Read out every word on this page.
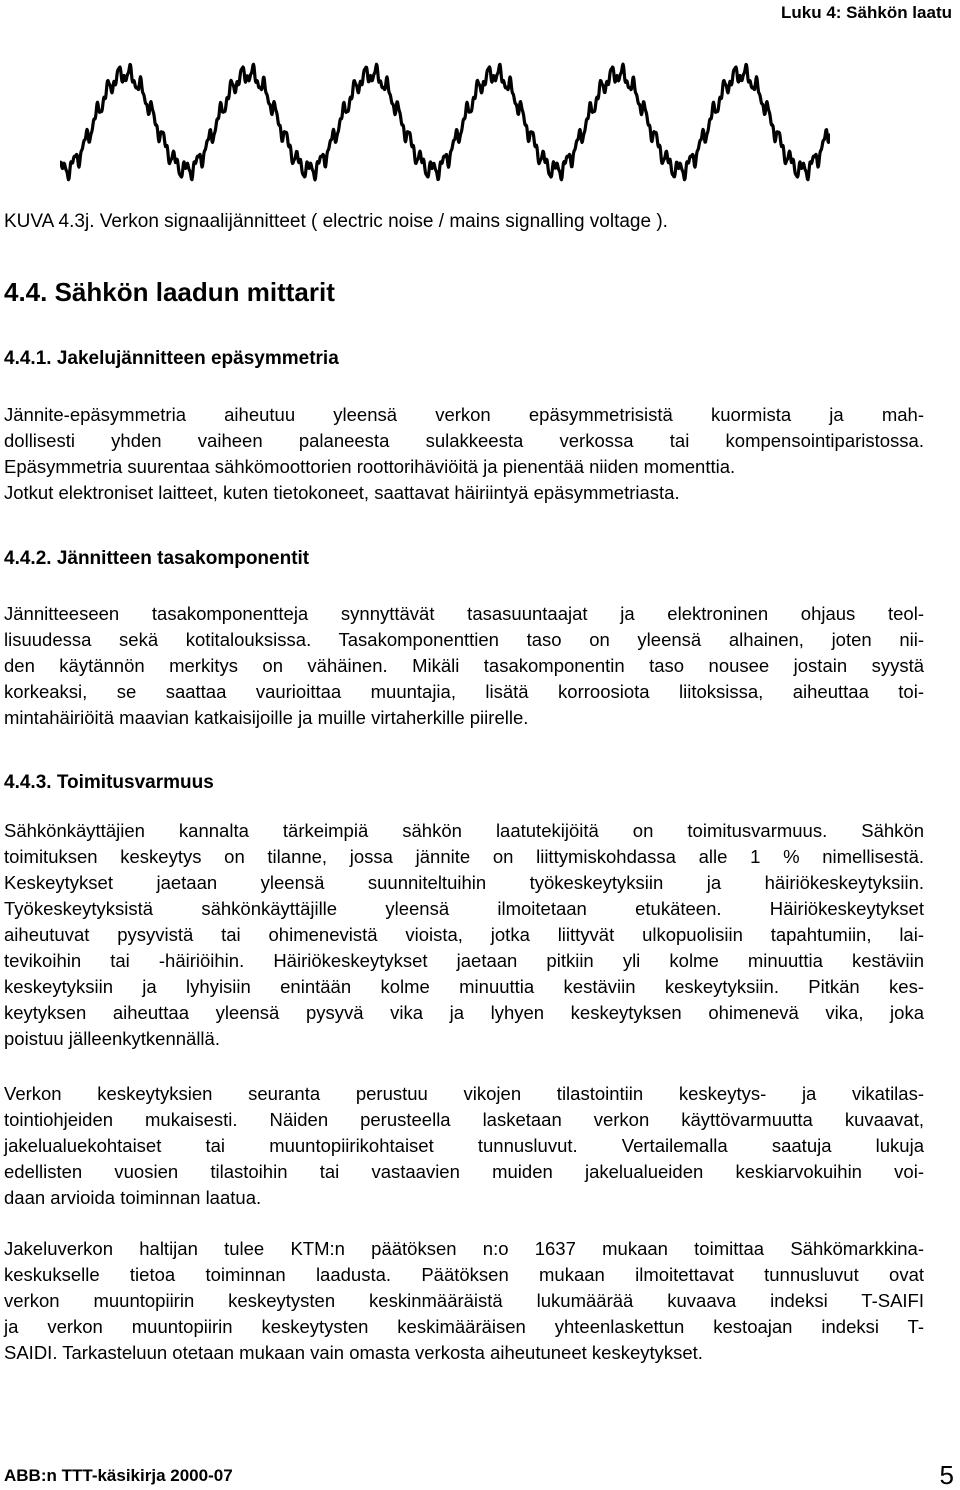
Luku 4: Sähkön laatu
KUVA 4.3j. Verkon signaalijännitteet ( electric noise / mains signalling voltage ).
4.4. Sähkön laadun mittarit
4.4.1. Jakelujännitteen epäsymmetria
Jännite-epäsymmetria aiheutuu yleensä verkon epäsymmetrisistä kuormista ja mah-
dollisesti yhden vaiheen palaneesta sulakkeesta verkossa tai kompensointiparistossa.
Epäsymmetria suurentaa sähkömoottorien roottorihäviöitä ja pienentää niiden momenttia.
Jotkut elektroniset laitteet, kuten tietokoneet, saattavat häiriintyä epäsymmetriasta.
4.4.2. Jännitteen tasakomponentit
Jännitteeseen tasakomponentteja synnyttävät tasasuuntaajat ja elektroninen ohjaus teol-
lisuudessa sekä kotitalouksissa. Tasakomponenttien taso on yleensä alhainen, joten nii-
den käytännön merkitys on vähäinen. Mikäli tasakomponentin taso nousee jostain syystä
korkeaksi, se saattaa vaurioittaa muuntajia, lisätä korroosiota liitoksissa, aiheuttaa toi-
mintahäiriöitä maavian katkaisijoille ja muille virtaherkille piirelle.
4.4.3. Toimitusvarmuus
Sähkönkäyttäjien kannalta tärkeimpiä sähkön laatutekijöitä on toimitusvarmuus. Sähkön
toimituksen keskeytys on tilanne, jossa jännite on liittymiskohdassa alle 1 % nimellisestä.
Keskeytykset jaetaan yleensä suunniteltuihin työkeskeytyksiin ja häiriökeskeytyksiin.
Työkeskeytyksistä sähkönkäyttäjille yleensä ilmoitetaan etukäteen. Häiriökeskeytykset
aiheutuvat pysyvistä tai ohimenevistä vioista, jotka liittyvät ulkopuolisiin tapahtumiin, lai-
tevikoihin tai -häiriöihin. Häiriökeskeytykset jaetaan pitkiin yli kolme minuuttia kestäviin
keskeytyksiin ja lyhyisiin enintään kolme minuuttia kestäviin keskeytyksiin. Pitkän kes-
keytyksen aiheuttaa yleensä pysyvä vika ja lyhyen keskeytyksen ohimenevä vika, joka
poistuu jälleenkytkennällä.
Verkon keskeytyksien seuranta perustuu vikojen tilastointiin keskeytys- ja vikatilas-
tointiohjeiden mukaisesti. Näiden perusteella lasketaan verkon käyttövarmuutta kuvaavat,
jakelualuekohtaiset tai muuntopiirikohtaiset tunnusluvut. Vertailemalla saatuja lukuja
edellisten vuosien tilastoihin tai vastaavien muiden jakelualueiden keskiarvokuihin voi-
daan arvioida toiminnan laatua.
Jakeluverkon haltijan tulee KTM:n päätöksen n:o 1637 mukaan toimittaa Sähkömarkkina-
keskukselle tietoa toiminnan laadusta. Päätöksen mukaan ilmoitettavat tunnusluvut ovat
verkon muuntopiirin keskeytysten keskinmääräistä lukumäärää kuvaava indeksi T-SAIFI
ja verkon muuntopiirin keskeytysten keskimääräisen yhteenlaskettun kestoajan indeksi T-
SAIDI. Tarkasteluun otetaan mukaan vain omasta verkosta aiheutuneet keskeytykset.
ABB:n TTT-käsikirja 2000-07	5
